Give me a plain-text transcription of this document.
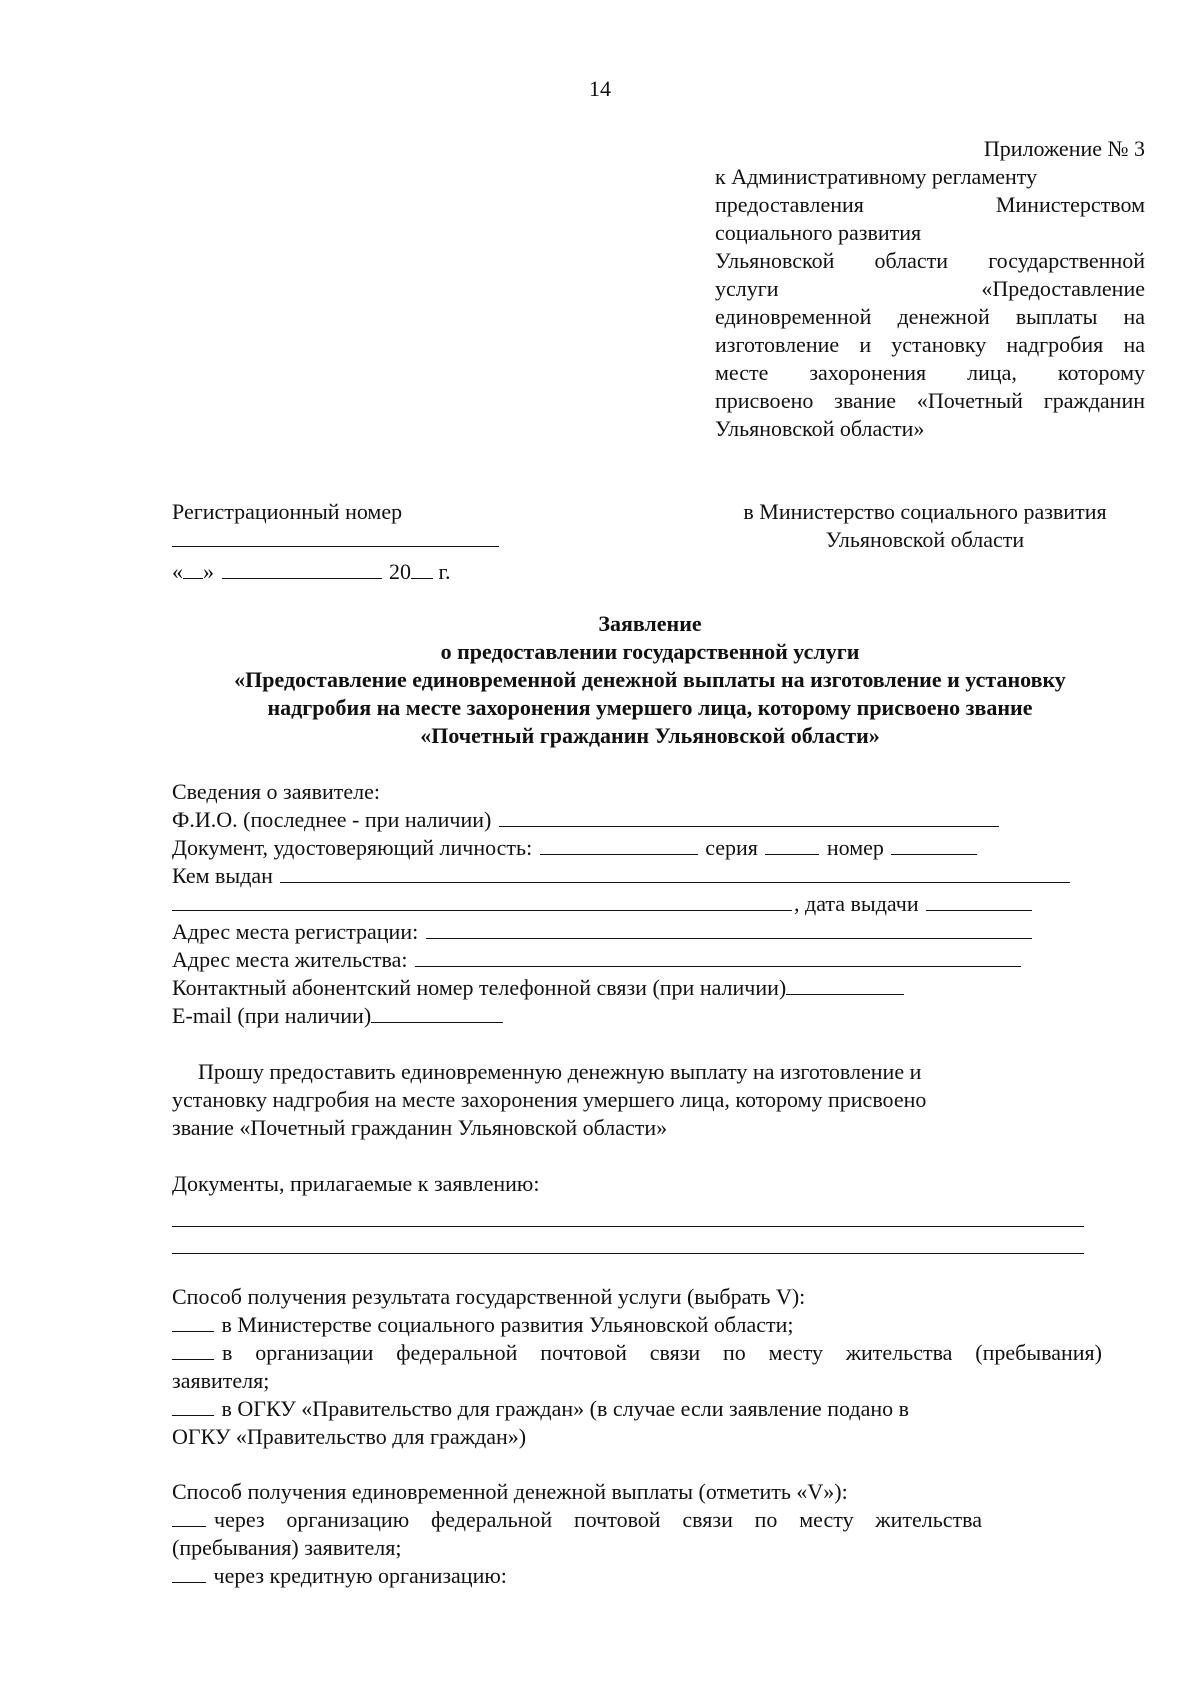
14
Приложение № 3
к Административному регламенту
предоставления	Министерством
социального развития
Ульяновской области государственной
услуги	«Предоставление
единовременной денежной выплаты на
изготовление и установку надгробия на
месте захоронения лица, которому
присвоено звание «Почетный гражданин
Ульяновской области»
Регистрационный номер
« »	20 г.
в Министерство социального развития
Ульяновской области
Заявление
о предоставлении государственной услуги
«Предоставление единовременной денежной выплаты на изготовление и установку
надгробия на месте захоронения умершего лица, которому присвоено звание
«Почетный гражданин Ульяновской области»
Сведения о заявителе:
Ф.И.О. (последнее - при наличии)
Документ, удостоверяющий личность:	серия	номер
Кем выдан
, дата выдачи
Адрес места регистрации:
Адрес места жительства:
Контактный абонентский номер телефонной связи (при наличии)
E-mail (при наличии)
Прошу предоставить единовременную денежную выплату на изготовление и
установку надгробия на месте захоронения умершего лица, которому присвоено
звание «Почетный гражданин Ульяновской области»
Документы, прилагаемые к заявлению:
Способ получения результата государственной услуги (выбрать V):
в Министерстве социального развития Ульяновской области;
в организации федеральной почтовой связи по месту жительства (пребывания)
заявителя;
в ОГКУ «Правительство для граждан» (в случае если заявление подано в
ОГКУ «Правительство для граждан»)
Способ получения единовременной денежной выплаты (отметить «V»):
через организацию федеральной почтовой связи по месту жительства
(пребывания) заявителя;
через кредитную организацию:
